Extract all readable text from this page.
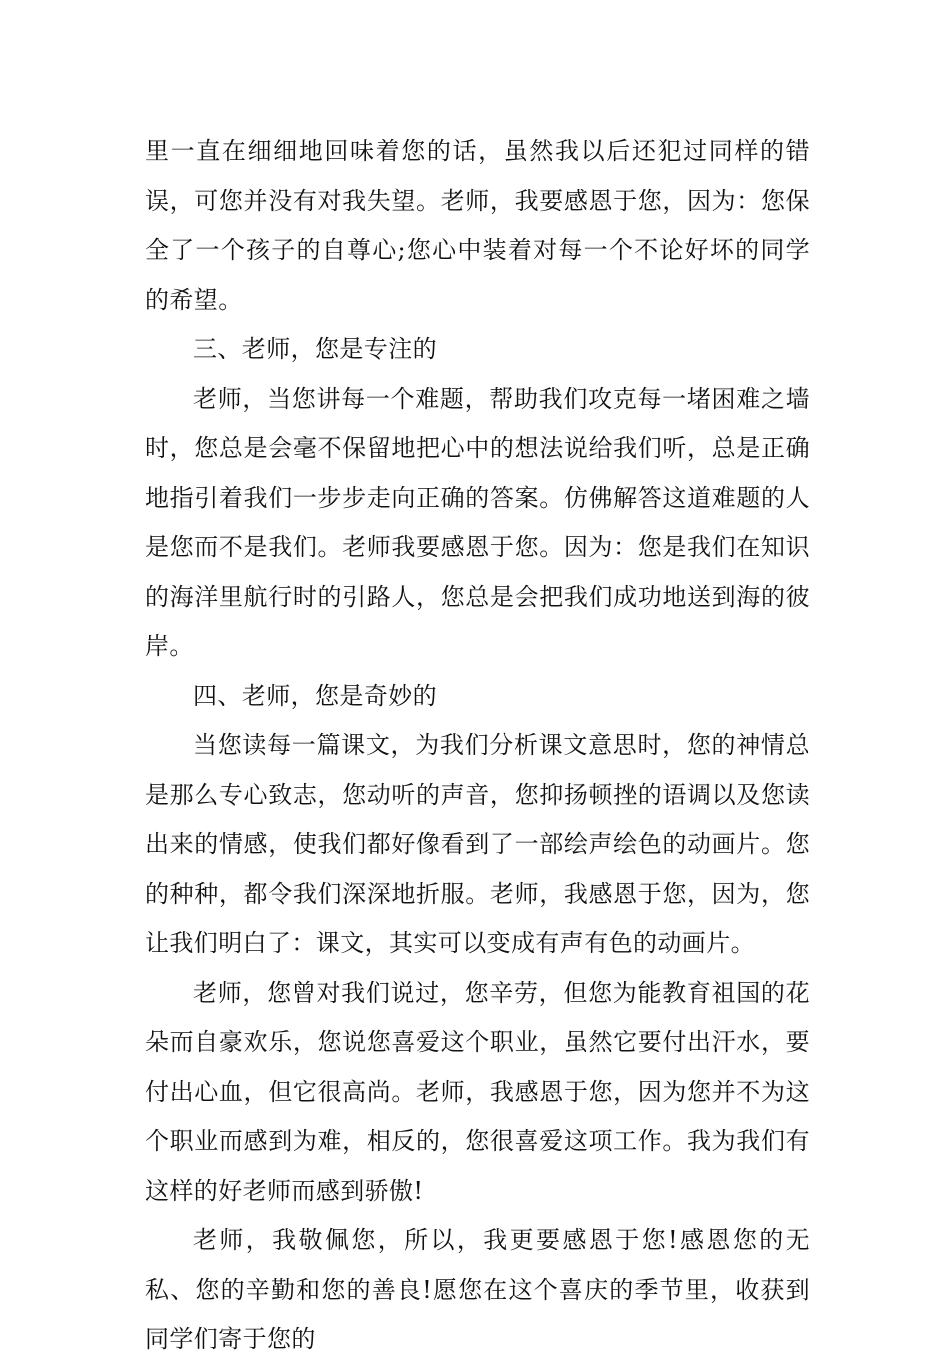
里一直在细细地回味着您的话，虽然我以后还犯过同样的错误，可您并没有对我失望。老师，我要感恩于您，因为：您保全了一个孩子的自尊心;您心中装着对每一个不论好坏的同学的希望。

三、老师，您是专注的

老师，当您讲每一个难题，帮助我们攻克每一堵困难之墙时，您总是会毫不保留地把心中的想法说给我们听，总是正确地指引着我们一步步走向正确的答案。仿佛解答这道难题的人是您而不是我们。老师我要感恩于您。因为：您是我们在知识的海洋里航行时的引路人，您总是会把我们成功地送到海的彼岸。

四、老师，您是奇妙的

当您读每一篇课文，为我们分析课文意思时，您的神情总是那么专心致志，您动听的声音，您抑扬顿挫的语调以及您读出来的情感，使我们都好像看到了一部绘声绘色的动画片。您的种种，都令我们深深地折服。老师，我感恩于您，因为，您让我们明白了：课文，其实可以变成有声有色的动画片。

老师，您曾对我们说过，您辛劳，但您为能教育祖国的花朵而自豪欢乐，您说您喜爱这个职业，虽然它要付出汗水，要付出心血，但它很高尚。老师，我感恩于您，因为您并不为这个职业而感到为难，相反的，您很喜爱这项工作。我为我们有这样的好老师而感到骄傲!

老师，我敬佩您，所以，我更要感恩于您!感恩您的无私、您的辛勤和您的善良!愿您在这个喜庆的季节里，收获到同学们寄于您的
